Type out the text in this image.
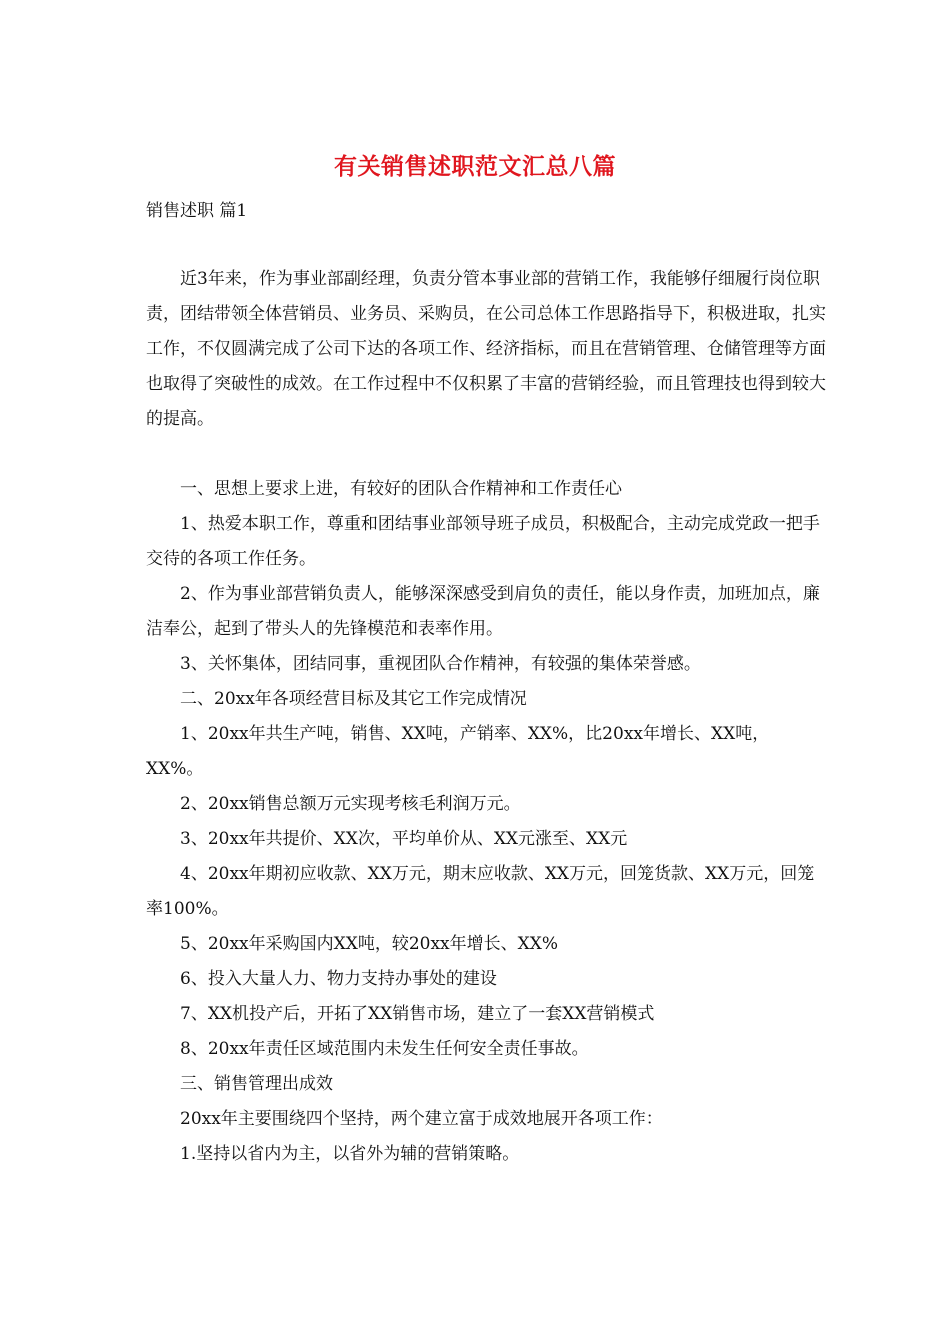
有关销售述职范文汇总八篇
销售述职 篇1

近3年来，作为事业部副经理，负责分管本事业部的营销工作，我能够仔细履行岗位职责，团结带领全体营销员、业务员、采购员，在公司总体工作思路指导下，积极进取，扎实工作，不仅圆满完成了公司下达的各项工作、经济指标，而且在营销管理、仓储管理等方面也取得了突破性的成效。在工作过程中不仅积累了丰富的营销经验，而且管理技也得到较大的提高。

一、思想上要求上进，有较好的团队合作精神和工作责任心

1、热爱本职工作，尊重和团结事业部领导班子成员，积极配合，主动完成党政一把手交待的各项工作任务。

2、作为事业部营销负责人，能够深深感受到肩负的责任，能以身作责，加班加点，廉洁奉公，起到了带头人的先锋模范和表率作用。

3、关怀集体，团结同事，重视团队合作精神，有较强的集体荣誉感。

二、20xx年各项经营目标及其它工作完成情况

1、20xx年共生产吨，销售、XX吨，产销率、XX%，比20xx年增长、XX吨，XX%。

2、20xx销售总额万元实现考核毛利润万元。

3、20xx年共提价、XX次，平均单价从、XX元涨至、XX元

4、20xx年期初应收款、XX万元，期末应收款、XX万元，回笼货款、XX万元，回笼率100%。

5、20xx年采购国内XX吨，较20xx年增长、XX%

6、投入大量人力、物力支持办事处的建设

7、XX机投产后，开拓了XX销售市场，建立了一套XX营销模式

8、20xx年责任区域范围内未发生任何安全责任事故。

三、销售管理出成效

20xx年主要围绕四个坚持，两个建立富于成效地展开各项工作：

1.坚持以省内为主，以省外为辅的营销策略。
